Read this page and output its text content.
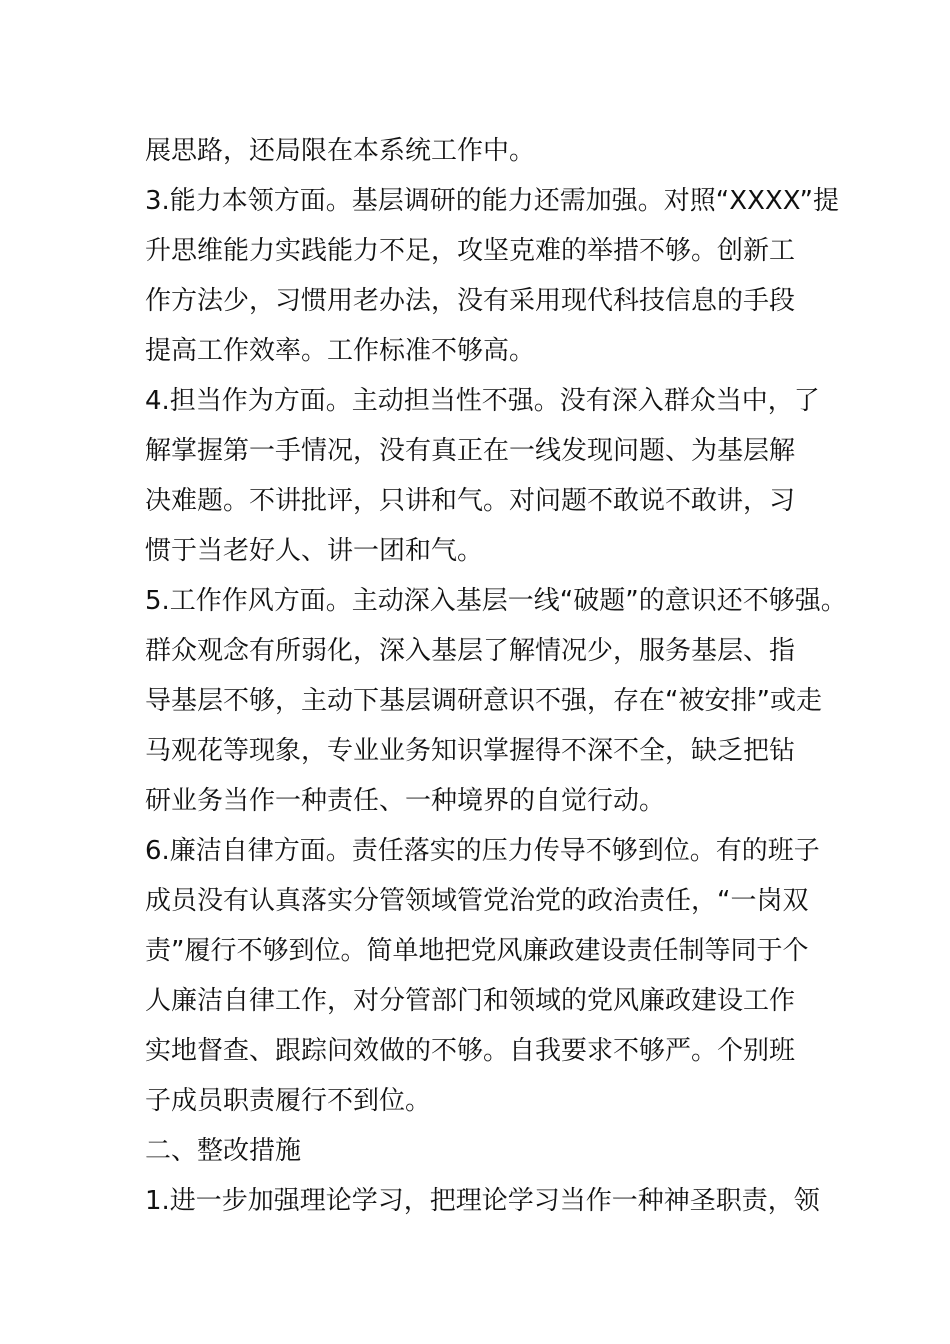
展思路，还局限在本系统工作中。
3.能力本领方面。基层调研的能力还需加强。对照“XXXX”提
升思维能力实践能力不足，攻坚克难的举措不够。创新工
作方法少，习惯用老办法，没有采用现代科技信息的手段
提高工作效率。工作标准不够高。
4.担当作为方面。主动担当性不强。没有深入群众当中，了
解掌握第一手情况，没有真正在一线发现问题、为基层解
决难题。不讲批评，只讲和气。对问题不敢说不敢讲，习
惯于当老好人、讲一团和气。
5.工作作风方面。主动深入基层一线“破题”的意识还不够强。
群众观念有所弱化，深入基层了解情况少，服务基层、指
导基层不够，主动下基层调研意识不强，存在“被安排”或走
马观花等现象，专业业务知识掌握得不深不全，缺乏把钻
研业务当作一种责任、一种境界的自觉行动。
6.廉洁自律方面。责任落实的压力传导不够到位。有的班子
成员没有认真落实分管领域管党治党的政治责任，“一岗双
责”履行不够到位。简单地把党风廉政建设责任制等同于个
人廉洁自律工作，对分管部门和领域的党风廉政建设工作
实地督查、跟踪问效做的不够。自我要求不够严。个别班
子成员职责履行不到位。
二、整改措施
1.进一步加强理论学习，把理论学习当作一种神圣职责，领
